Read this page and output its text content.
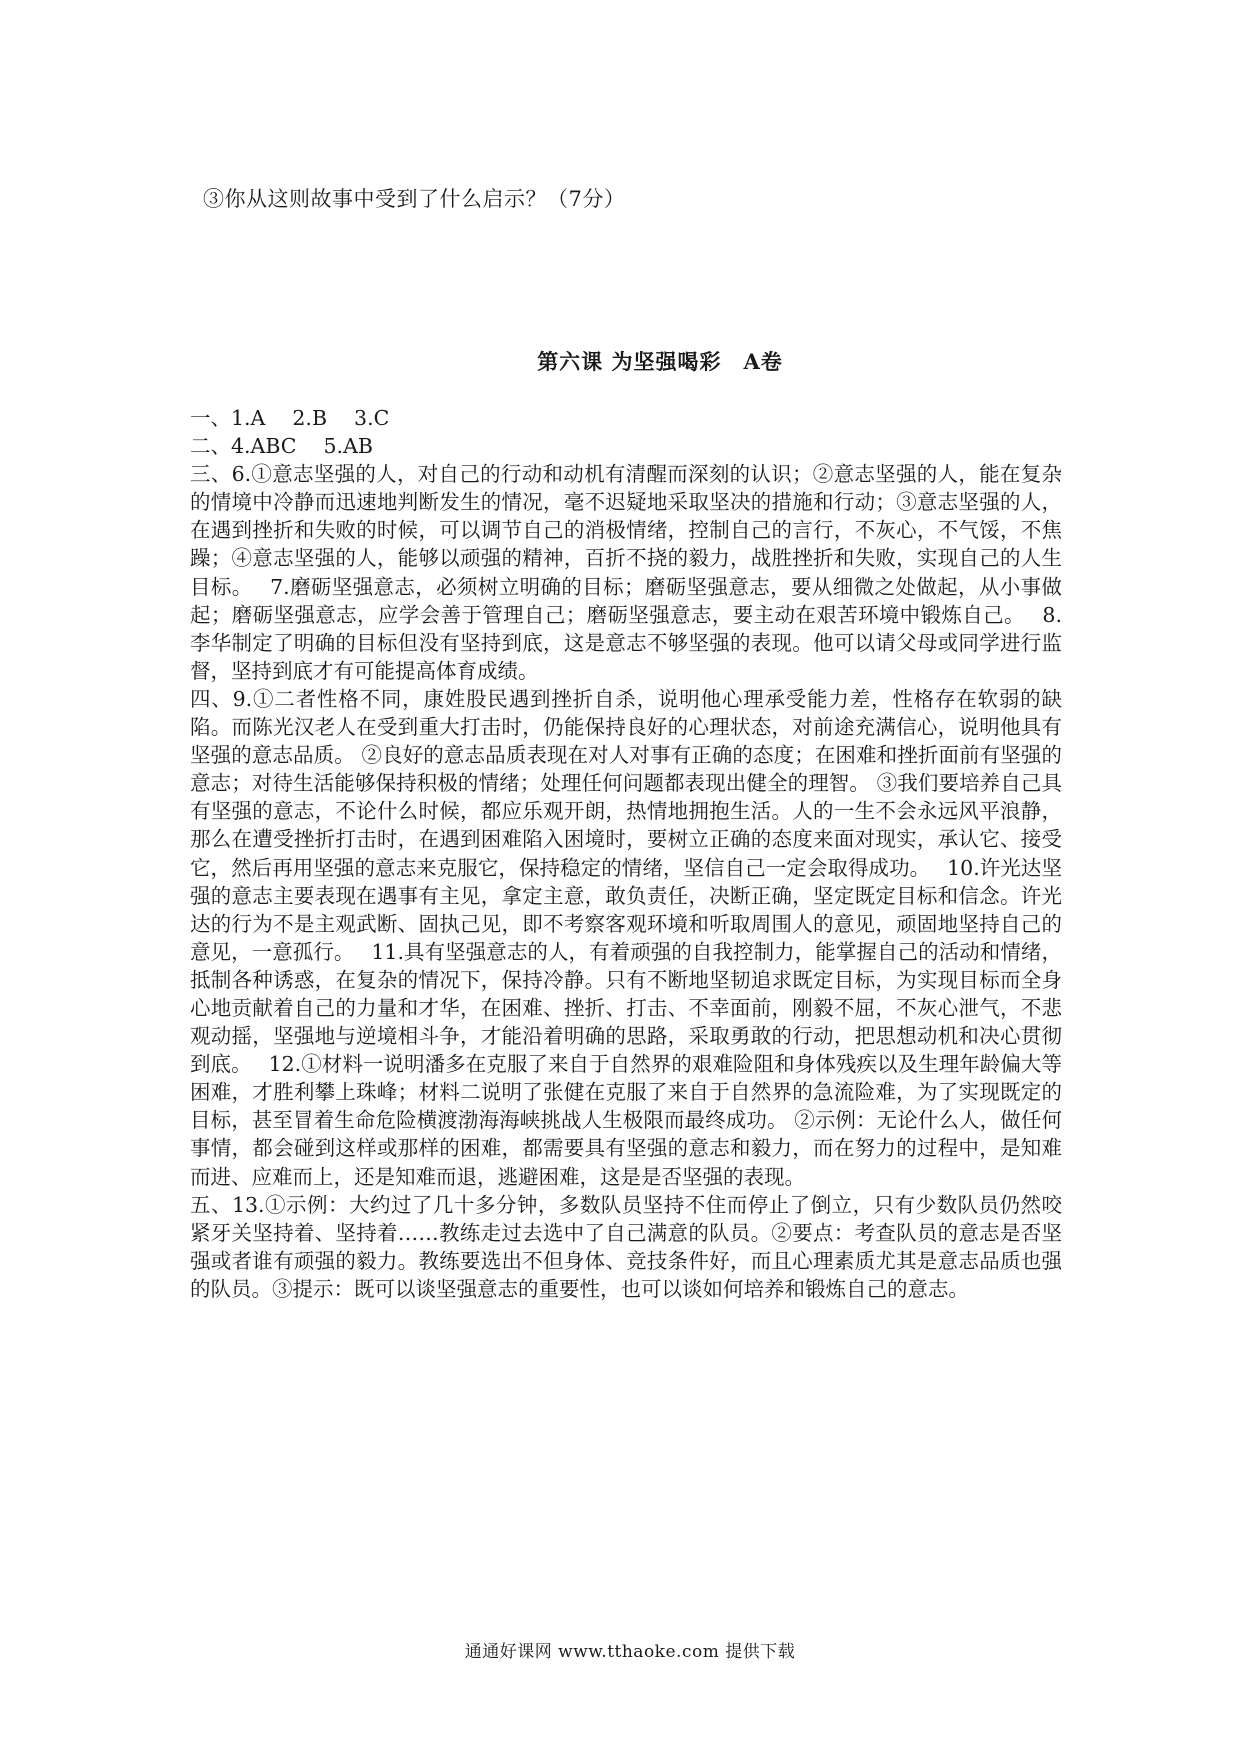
③你从这则故事中受到了什么启示？（7分）
第六课 为坚强喝彩　A卷

一、1.A　 2.B　 3.C

二、4.ABC　 5.AB

三、6.①意志坚强的人，对自己的行动和动机有清醒而深刻的认识；②意志坚强的人，能在复杂的情境中冷静而迅速地判断发生的情况，毫不迟疑地采取坚决的措施和行动；③意志坚强的人，在遇到挫折和失败的时候，可以调节自己的消极情绪，控制自己的言行，不灰心，不气馁，不焦躁；④意志坚强的人，能够以顽强的精神，百折不挠的毅力，战胜挫折和失败，实现自己的人生目标。　 7.磨砺坚强意志，必须树立明确的目标；磨砺坚强意志，要从细微之处做起，从小事做起；磨砺坚强意志，应学会善于管理自己；磨砺坚强意志，要主动在艰苦环境中锻炼自己。　 8.李华制定了明确的目标但没有坚持到底，这是意志不够坚强的表现。他可以请父母或同学进行监督，坚持到底才有可能提高体育成绩。

四、9.①二者性格不同，康姓股民遇到挫折自杀，说明他心理承受能力差，性格存在软弱的缺陷。而陈光汉老人在受到重大打击时，仍能保持良好的心理状态，对前途充满信心，说明他具有坚强的意志品质。 ②良好的意志品质表现在对人对事有正确的态度；在困难和挫折面前有坚强的意志；对待生活能够保持积极的情绪；处理任何问题都表现出健全的理智。 ③我们要培养自己具有坚强的意志，不论什么时候，都应乐观开朗，热情地拥抱生活。人的一生不会永远风平浪静，那么在遭受挫折打击时，在遇到困难陷入困境时，要树立正确的态度来面对现实，承认它、接受它，然后再用坚强的意志来克服它，保持稳定的情绪，坚信自己一定会取得成功。　 10.许光达坚强的意志主要表现在遇事有主见，拿定主意，敢负责任，决断正确，坚定既定目标和信念。许光达的行为不是主观武断、固执己见，即不考察客观环境和听取周围人的意见，顽固地坚持自己的意见，一意孤行。　 11.具有坚强意志的人，有着顽强的自我控制力，能掌握自己的活动和情绪，抵制各种诱惑，在复杂的情况下，保持冷静。只有不断地坚韧追求既定目标，为实现目标而全身心地贡献着自己的力量和才华，在困难、挫折、打击、不幸面前，刚毅不屈，不灰心泄气，不悲观动摇，坚强地与逆境相斗争，才能沿着明确的思路，采取勇敢的行动，把思想动机和决心贯彻到底。　 12.①材料一说明潘多在克服了来自于自然界的艰难险阻和身体残疾以及生理年龄偏大等困难，才胜利攀上珠峰；材料二说明了张健在克服了来自于自然界的急流险难，为了实现既定的目标，甚至冒着生命危险横渡渤海海峡挑战人生极限而最终成功。 ②示例：无论什么人，做任何事情，都会碰到这样或那样的困难，都需要具有坚强的意志和毅力，而在努力的过程中，是知难而进、应难而上，还是知难而退，逃避困难，这是是否坚强的表现。

五、13.①示例：大约过了几十多分钟，多数队员坚持不住而停止了倒立，只有少数队员仍然咬紧牙关坚持着、坚持着……教练走过去选中了自己满意的队员。②要点：考查队员的意志是否坚强或者谁有顽强的毅力。教练要选出不但身体、竞技条件好，而且心理素质尤其是意志品质也强的队员。③提示：既可以谈坚强意志的重要性，也可以谈如何培养和锻炼自己的意志。

通通好课网 www.tthaoke.com 提供下载
